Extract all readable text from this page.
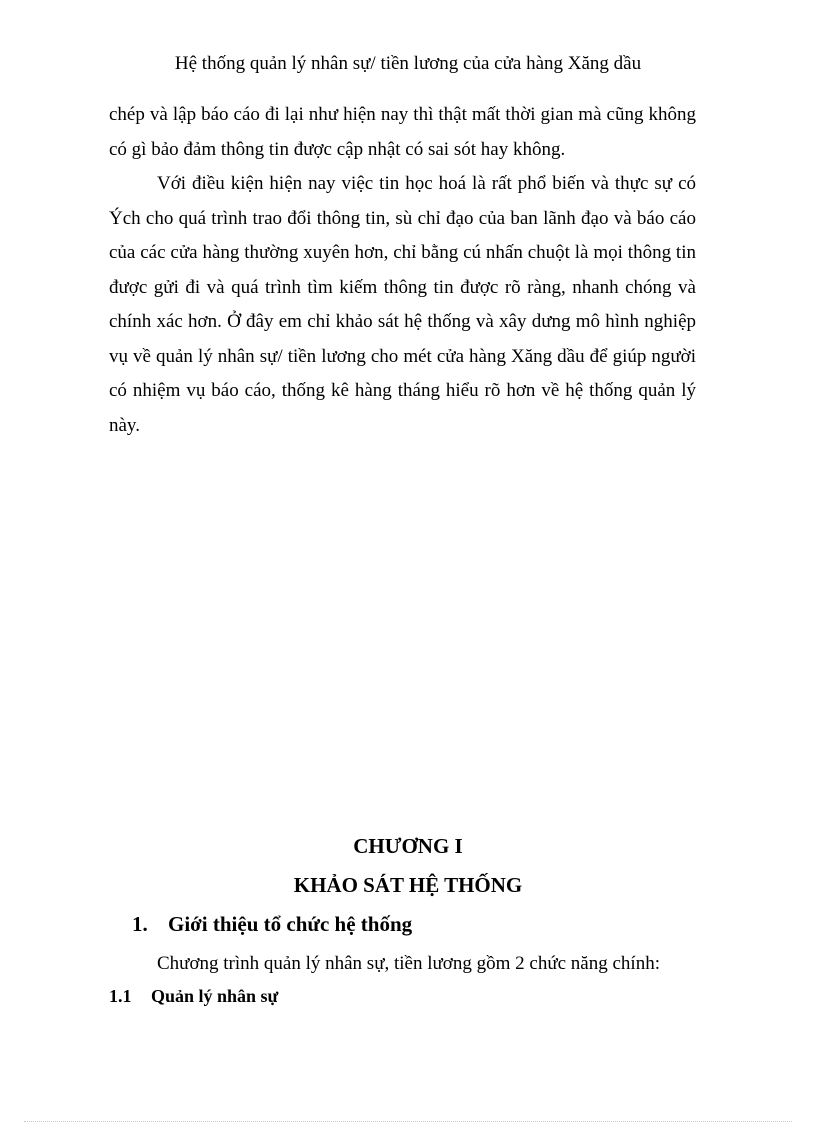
Hệ thống quản lý nhân sự/ tiền lương của cửa hàng Xăng dầu

chép và lập báo cáo đi lại như hiện nay thì thật mất thời gian mà cũng không có gì bảo đảm thông tin được cập nhật có sai sót hay không.

Với điều kiện hiện nay việc tin học hoá là rất phổ biến và thực sự có Ých cho quá trình trao đổi thông tin, sù chỉ đạo của ban lãnh đạo và báo cáo của các cửa hàng thường xuyên hơn, chỉ bằng cú nhấn chuột là mọi thông tin được gửi đi và quá trình tìm kiếm thông tin được rõ ràng, nhanh chóng và chính xác hơn. Ở đây em chỉ khảo sát hệ thống và xây dưng mô hình nghiệp vụ về quản lý nhân sự/ tiền lương cho mét cửa hàng Xăng dầu để giúp người có nhiệm vụ báo cáo, thống kê hàng tháng hiểu rõ hơn về hệ thống quản lý này.

CHƯƠNG I
KHẢO SÁT HỆ THỐNG
1. Giới thiệu tổ chức hệ thống
Chương trình quản lý nhân sự, tiền lương gồm 2 chức năng chính:
1.1 Quản lý nhân sự
